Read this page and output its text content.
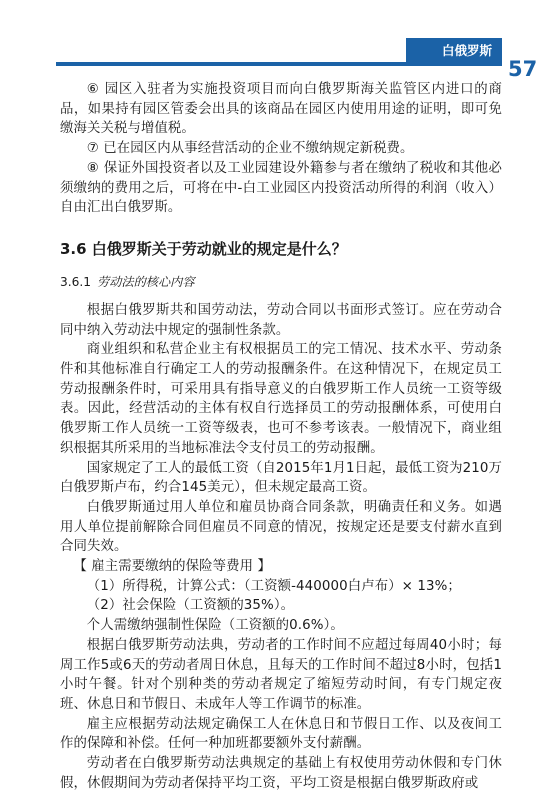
白俄罗斯
57

⑥ 园区入驻者为实施投资项目而向白俄罗斯海关监管区内进口的商品，如果持有园区管委会出具的该商品在园区内使用用途的证明，即可免缴海关关税与增值税。

⑦ 已在园区内从事经营活动的企业不缴纳规定新税费。

⑧ 保证外国投资者以及工业园建设外籍参与者在缴纳了税收和其他必须缴纳的费用之后，可将在中-白工业园区内投资活动所得的利润（收入）自由汇出白俄罗斯。

3.6 白俄罗斯关于劳动就业的规定是什么？
3.6.1 劳动法的核心内容

根据白俄罗斯共和国劳动法，劳动合同以书面形式签订。应在劳动合同中纳入劳动法中规定的强制性条款。

商业组织和私营企业主有权根据员工的完工情况、技术水平、劳动条件和其他标准自行确定工人的劳动报酬条件。在这种情况下，在规定员工劳动报酬条件时，可采用具有指导意义的白俄罗斯工作人员统一工资等级表。因此，经营活动的主体有权自行选择员工的劳动报酬体系，可使用白俄罗斯工作人员统一工资等级表，也可不参考该表。一般情况下，商业组织根据其所采用的当地标准法令支付员工的劳动报酬。

国家规定了工人的最低工资（自2015年1月1日起，最低工资为210万白俄罗斯卢布，约合145美元），但未规定最高工资。

白俄罗斯通过用人单位和雇员协商合同条款，明确责任和义务。如遇用人单位提前解除合同但雇员不同意的情况，按规定还是要支付薪水直到合同失效。

【 雇主需要缴纳的保险等费用 】

（1）所得税，计算公式：（工资额-440000白卢布）× 13%；

（2）社会保险（工资额的35%）。

个人需缴纳强制性保险（工资额的0.6%）。

根据白俄罗斯劳动法典，劳动者的工作时间不应超过每周40小时；每周工作5或6天的劳动者周日休息，且每天的工作时间不超过8小时，包括1小时午餐。针对个别种类的劳动者规定了缩短劳动时间，有专门规定夜班、休息日和节假日、未成年人等工作调节的标准。

雇主应根据劳动法规定确保工人在休息日和节假日工作、以及夜间工作的保障和补偿。任何一种加班都要额外支付薪酬。

劳动者在白俄罗斯劳动法典规定的基础上有权使用劳动休假和专门休假，休假期间为劳动者保持平均工资，平均工资是根据白俄罗斯政府或
